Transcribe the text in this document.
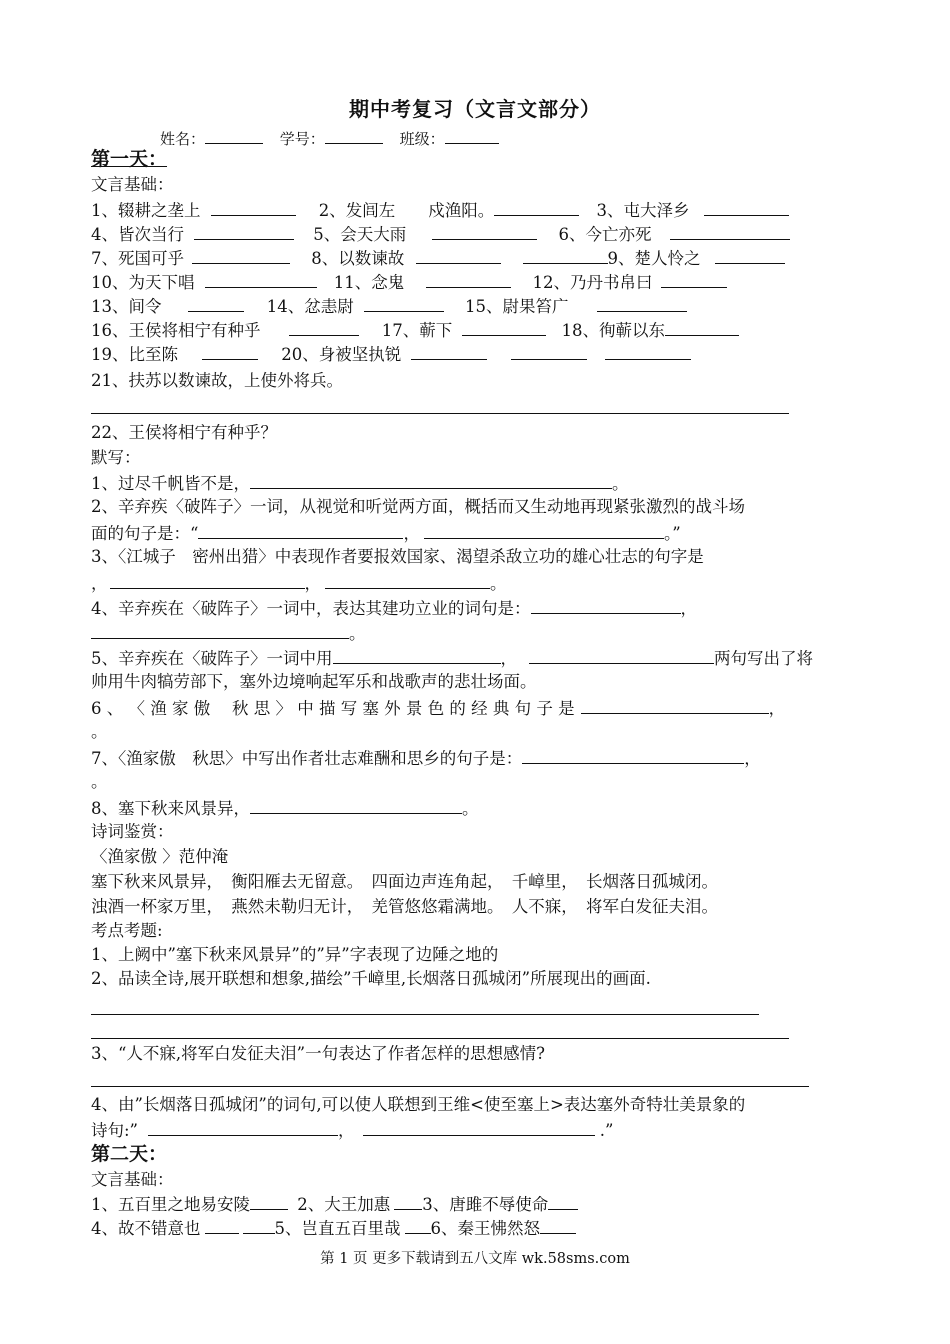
期中考复习（文言文部分）
姓名：	学号：	班级：
第一天：
文言基础：
1、辍耕之垄上	2、发闾左　　戍渔阳。	3、屯大泽乡
4、皆次当行	5、会天大雨	6、今亡亦死
7、死国可乎	8、以数谏故	9、楚人怜之
10、为天下唱	11、念鬼	12、乃丹书帛曰
13、间令	14、忿恚尉	15、尉果笞广
16、王侯将相宁有种乎	17、蕲下	18、徇蕲以东
19、比至陈	20、身被坚执锐
21、扶苏以数谏故，上使外将兵。
22、王侯将相宁有种乎？
默写：
1、过尽千帆皆不是，	。
2、辛弃疾〈破阵子〉一词，从视觉和听觉两方面，概括而又生动地再现紧张激烈的战斗场
面的句子是：“	，	。”
3、〈江城子　密州出猎〉中表现作者要报效国家、渴望杀敌立功的雄心壮志的句字是
，	，	。
4、辛弃疾在〈破阵子〉一词中，表达其建功立业的词句是：	，
。
5、辛弃疾在〈破阵子〉一词中用	，	两句写出了将
帅用牛肉犒劳部下，塞外边境响起军乐和战歌声的悲壮场面。
6 、 〈 渔 家 傲　 秋 思 〉 中 描 写 塞 外 景 色 的 经 典 句 子 是	，
。
7、〈渔家傲　秋思〉中写出作者壮志难酬和思乡的句子是：	，
。
8、塞下秋来风景异，	。
诗词鉴赏：
〈渔家傲 〉范仲淹
塞下秋来风景异，　衡阳雁去无留意。　四面边声连角起，　千嶂里，　长烟落日孤城闭。
浊酒一杯家万里，　燕然未勒归无计，　羌管悠悠霜满地。　人不寐，　将军白发征夫泪。
考点考题:
1、上阙中”塞下秋来风景异”的”异”字表现了边陲之地的
2、品读全诗,展开联想和想象,描绘”千嶂里,长烟落日孤城闭”所展现出的画面.
3、“人不寐,将军白发征夫泪”一句表达了作者怎样的思想感情?
4、由”长烟落日孤城闭”的词句,可以使人联想到王维<使至塞上>表达塞外奇特壮美景象的
诗句:”	，	.”
第二天：
文言基础：
1、五百里之地易安陵	2、大王加惠 3、唐雎不辱使命
4、故不错意也	5、岂直五百里哉 6、秦王怫然怒
第 1 页 更多下载请到五八文库 wk.58sms.com
